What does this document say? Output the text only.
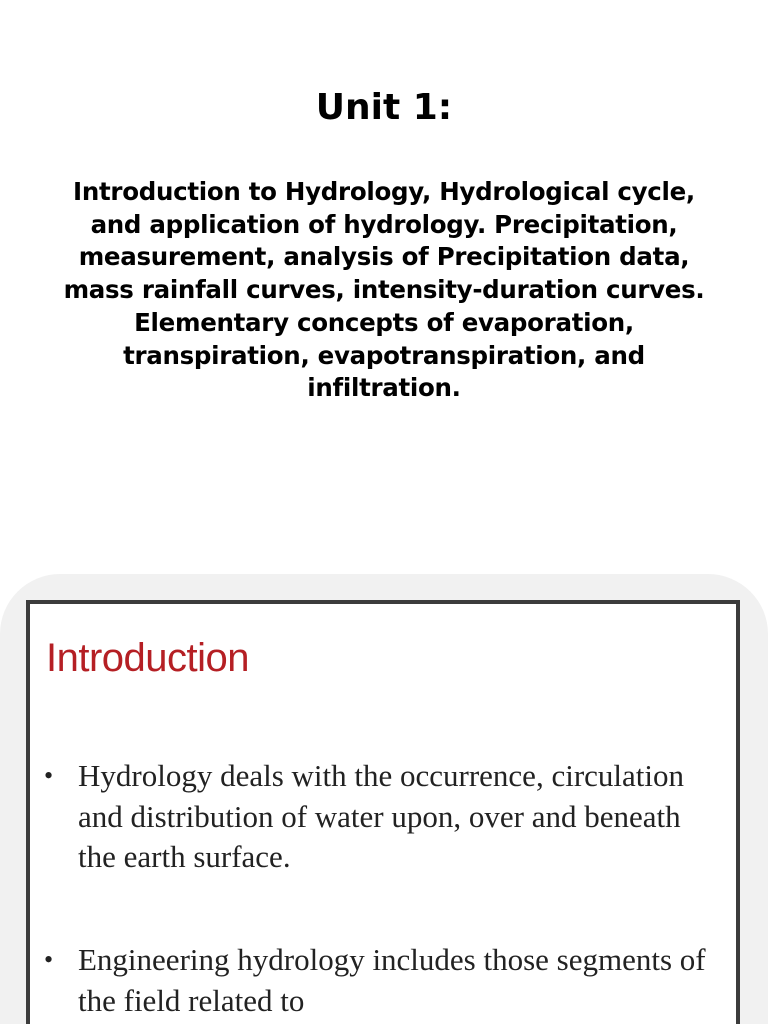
Unit 1:

Introduction to Hydrology, Hydrological cycle, and application of hydrology. Precipitation, measurement, analysis of Precipitation data, mass rainfall curves, intensity-duration curves. Elementary concepts of evaporation, transpiration, evapotranspiration, and infiltration.

Introduction
• Hydrology deals with the occurrence, circulation and distribution of water upon, over and beneath the earth surface.
• Engineering hydrology includes those segments of the field related to
